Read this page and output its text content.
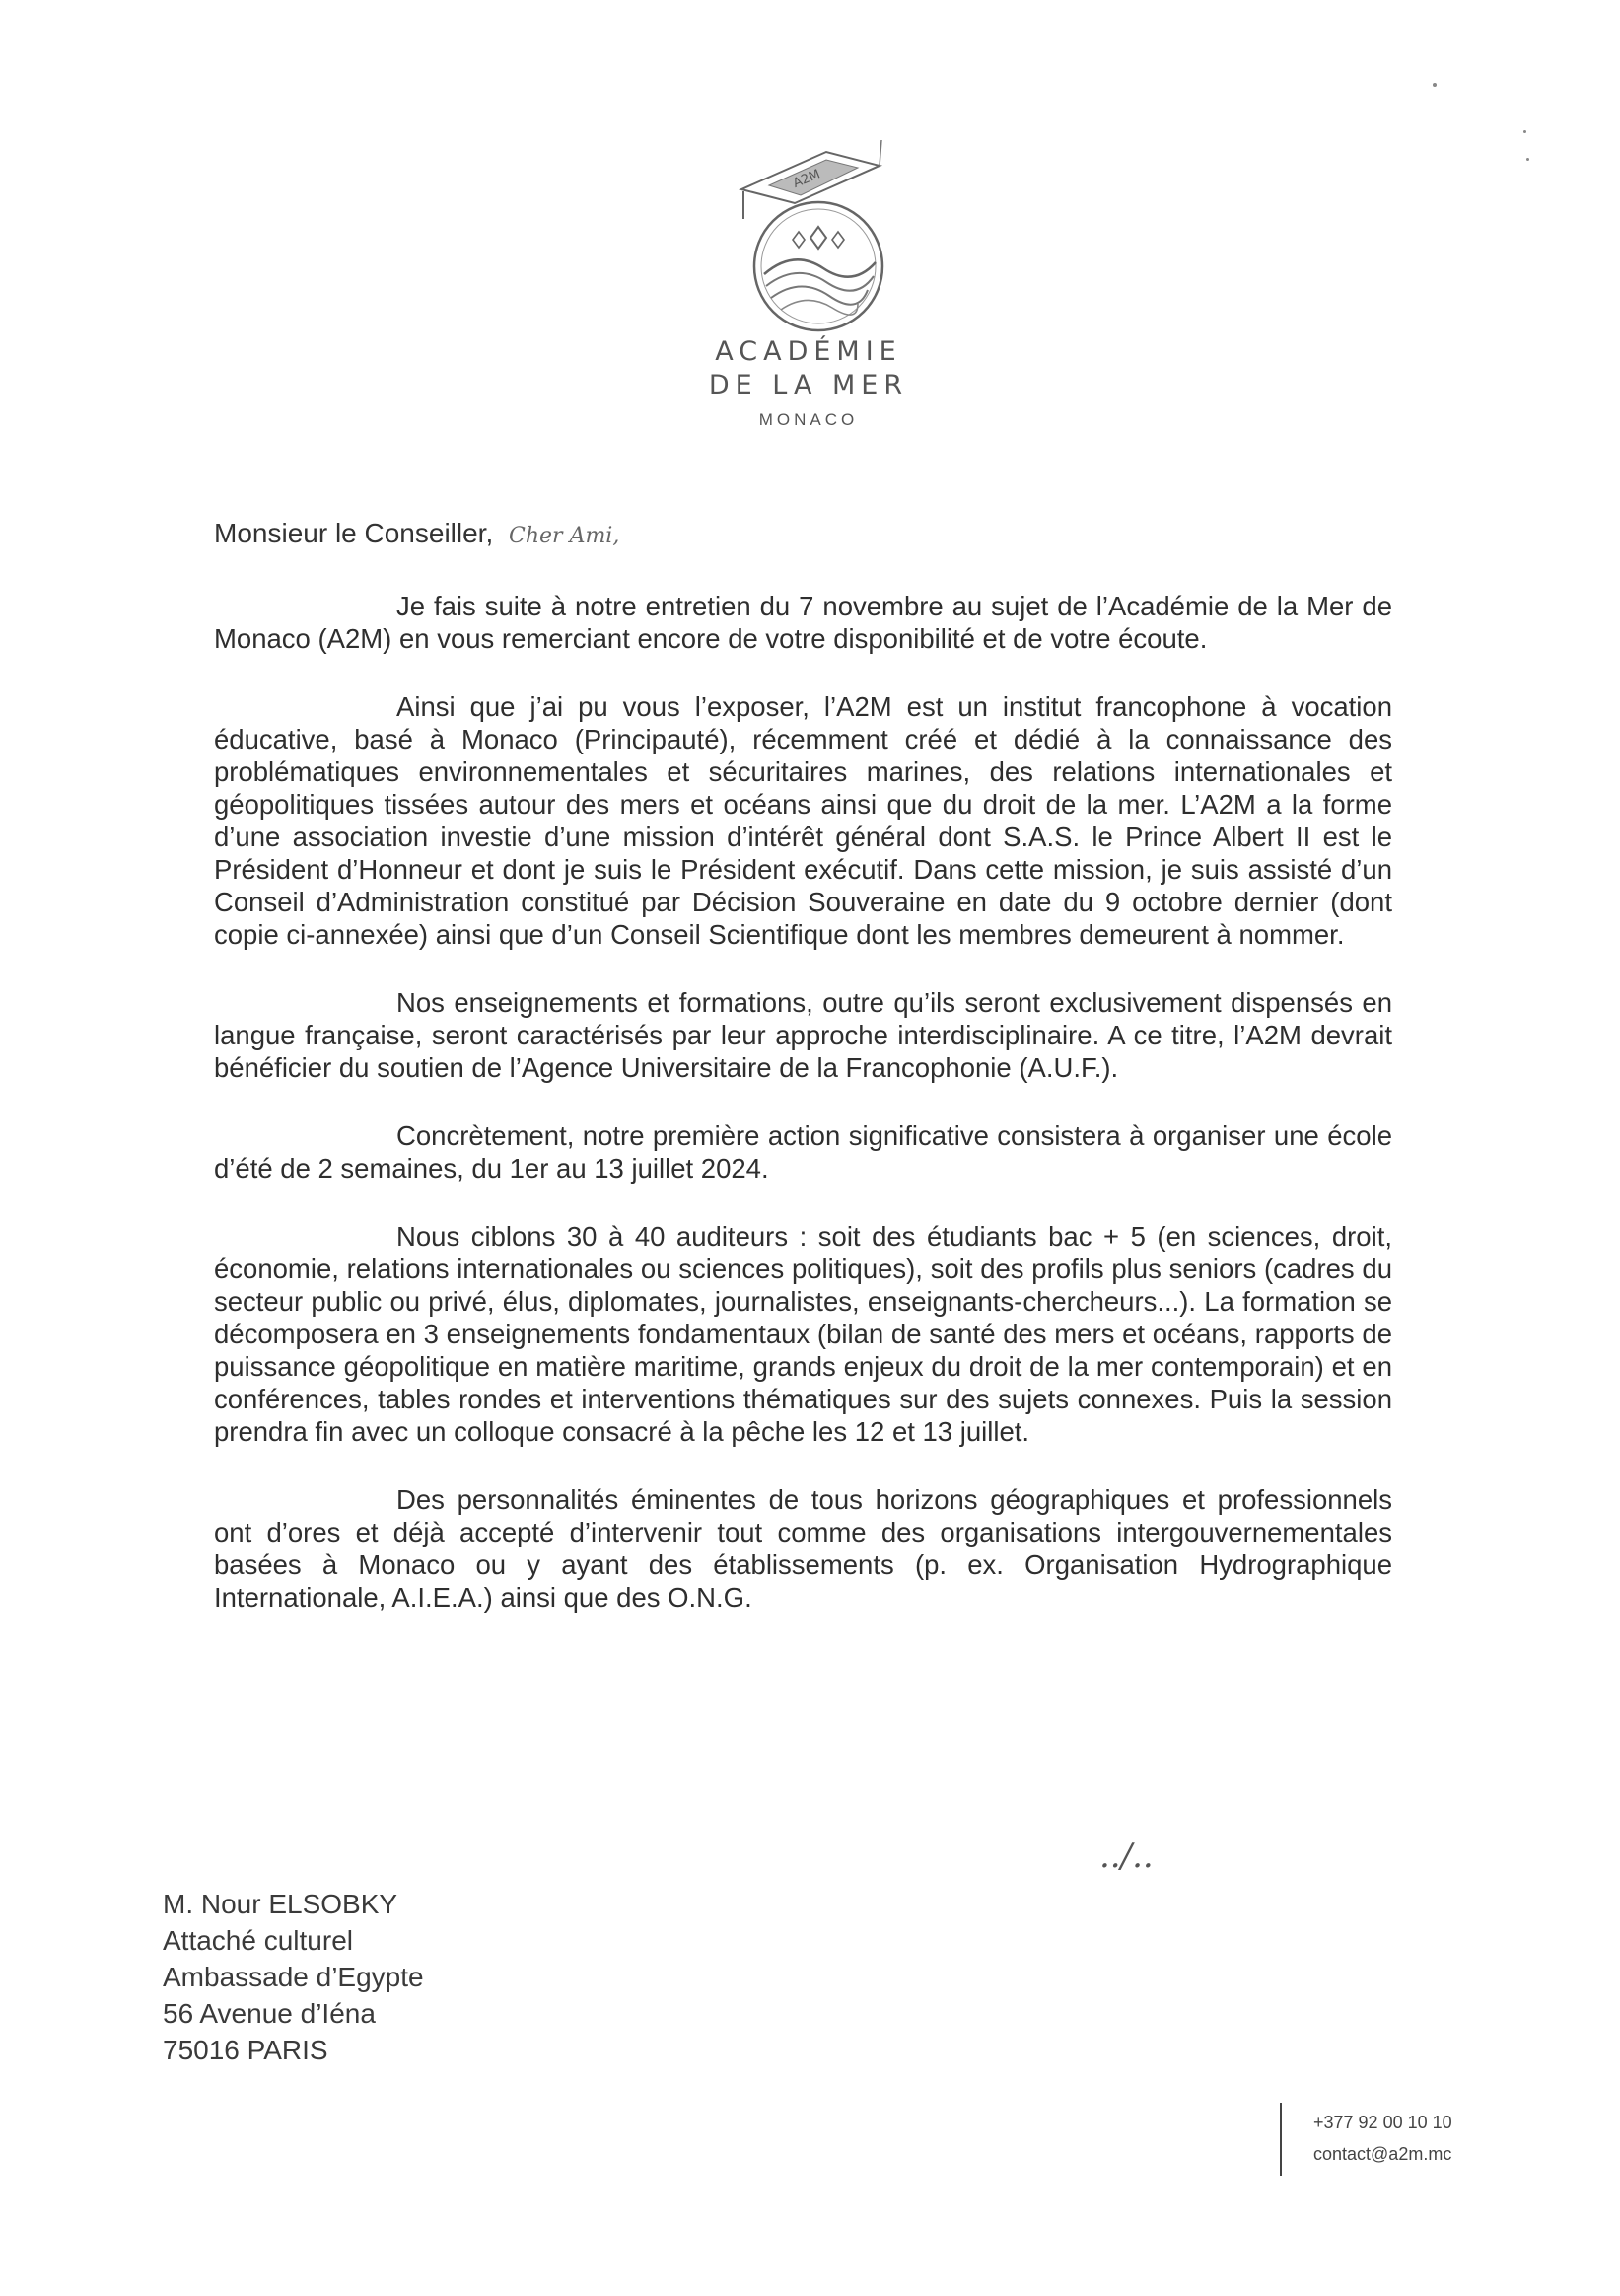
A2M
ACADÉMIE
DE LA MER
MONACO
Monsieur le Conseiller, Cher Ami,

Je fais suite à notre entretien du 7 novembre au sujet de l’Académie de la Mer de Monaco (A2M) en vous remerciant encore de votre disponibilité et de votre écoute.

Ainsi que j’ai pu vous l’exposer, l’A2M est un institut francophone à vocation éducative, basé à Monaco (Principauté), récemment créé et dédié à la connaissance des problématiques environnementales et sécuritaires marines, des relations internationales et géopolitiques tissées autour des mers et océans ainsi que du droit de la mer. L’A2M a la forme d’une association investie d’une mission d’intérêt général dont S.A.S. le Prince Albert II est le Président d’Honneur et dont je suis le Président exécutif. Dans cette mission, je suis assisté d’un Conseil d’Administration constitué par Décision Souveraine en date du 9 octobre dernier (dont copie ci-annexée) ainsi que d’un Conseil Scientifique dont les membres demeurent à nommer.

Nos enseignements et formations, outre qu’ils seront exclusivement dispensés en langue française, seront caractérisés par leur approche interdisciplinaire. A ce titre, l’A2M devrait bénéficier du soutien de l’Agence Universitaire de la Francophonie (A.U.F.).

Concrètement, notre première action significative consistera à organiser une école d’été de 2 semaines, du 1er au 13 juillet 2024.

Nous ciblons 30 à 40 auditeurs : soit des étudiants bac + 5 (en sciences, droit, économie, relations internationales ou sciences politiques), soit des profils plus seniors (cadres du secteur public ou privé, élus, diplomates, journalistes, enseignants-chercheurs...). La formation se décomposera en 3 enseignements fondamentaux (bilan de santé des mers et océans, rapports de puissance géopolitique en matière maritime, grands enjeux du droit de la mer contemporain) et en conférences, tables rondes et interventions thématiques sur des sujets connexes. Puis la session prendra fin avec un colloque consacré à la pêche les 12 et 13 juillet.

Des personnalités éminentes de tous horizons géographiques et professionnels ont d’ores et déjà accepté d’intervenir tout comme des organisations intergouvernementales basées à Monaco ou y ayant des établissements (p. ex. Organisation Hydrographique Internationale, A.I.E.A.) ainsi que des O.N.G.

../..
M. Nour ELSOBKY
Attaché culturel
Ambassade d’Egypte
56 Avenue d’Iéna
75016 PARIS
+377 92 00 10 10
contact@a2m.mc
